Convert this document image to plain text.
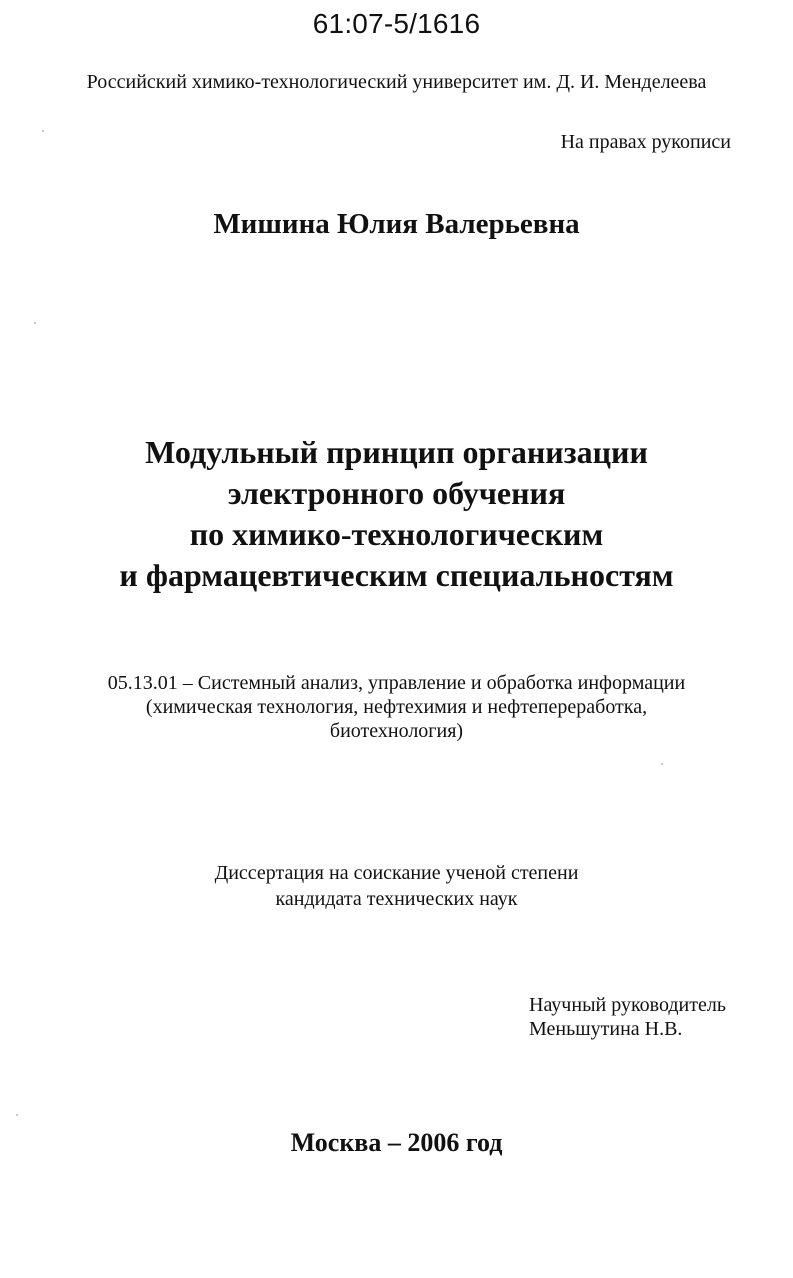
61:07-5/1616
Российский химико-технологический университет им. Д. И. Менделеева
На правах рукописи
Мишина Юлия Валерьевна
Модульный принцип организации
электронного обучения
по химико-технологическим
и фармацевтическим специальностям
05.13.01 – Системный анализ, управление и обработка информации
(химическая технология, нефтехимия и нефтепереработка,
биотехнология)
Диссертация на соискание ученой степени
кандидата технических наук
Научный руководитель
Меньшутина Н.В.
Москва – 2006 год
